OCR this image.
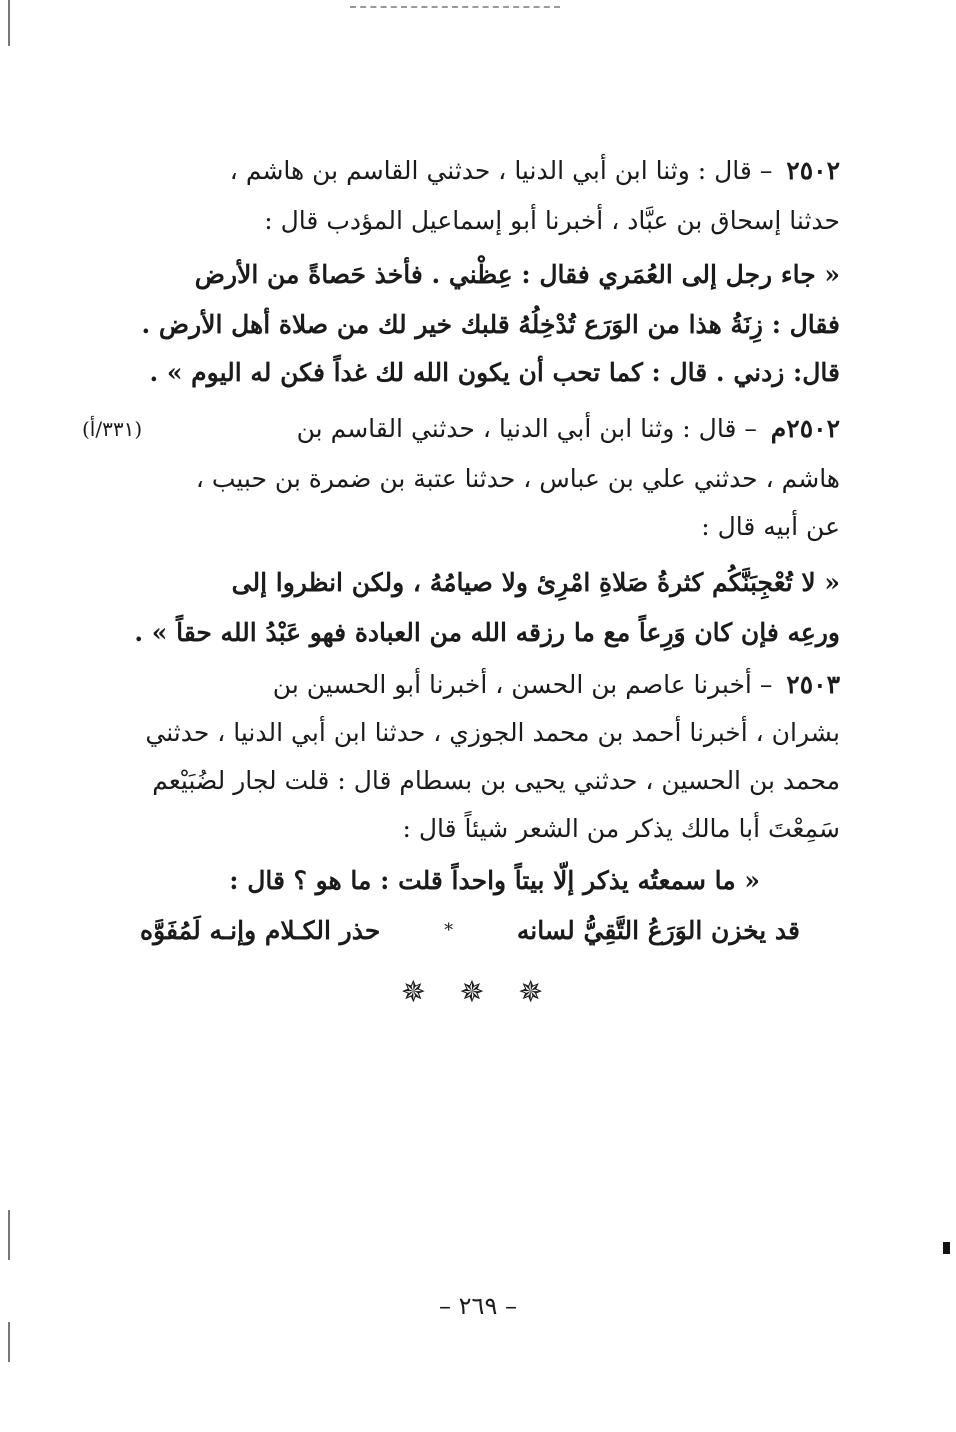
٢٥٠٢ – قال : وثنا ابن أبي الدنيا ، حدثني القاسم بن هاشم ،
حدثنا إسحاق بن عبَّاد ، أخبرنا أبو إسماعيل المؤدب قال :
« جاء رجل إلى العُمَري فقال : عِظْني . فأخذ حَصاةً من الأرض
فقال : زِنَةُ هذا من الوَرَع تُدْخِلُهُ قلبك خير لك من صلاة أهل الأرض .
قال: زدني . قال : كما تحب أن يكون الله لك غداً فكن له اليوم » .
٢٥٠٢م – قال : وثنا ابن أبي الدنيا ، حدثني القاسم بن
هاشم ، حدثني علي بن عباس ، حدثنا عتبة بن ضمرة بن حبيب ،
عن أبيه قال :
« لا تُعْجِبَنَّكُم كثرةُ صَلاةِ امْرِئ ولا صيامُهُ ، ولكن انظروا إلى
ورعِه فإن كان وَرِعاً مع ما رزقه الله من العبادة فهو عَبْدُ الله حقاً » .
(٣٣١/أ)
٢٥٠٣ – أخبرنا عاصم بن الحسن ، أخبرنا أبو الحسين بن
بشران ، أخبرنا أحمد بن محمد الجوزي ، حدثنا ابن أبي الدنيا ، حدثني
محمد بن الحسين ، حدثني يحيى بن بسطام قال : قلت لجار لضُبَيْعم
سَمِعْتَ أبا مالك يذكر من الشعر شيئاً قال :
« ما سمعتُه يذكر إلّا بيتاً واحداً قلت : ما هو ؟ قال :
قد يخزن الوَرَعُ التَّقِيُّ لسانه
*
حذر الكـلام وإنـه لَمُفَوَّه
✵ ✵ ✵
– ٢٦٩ –
